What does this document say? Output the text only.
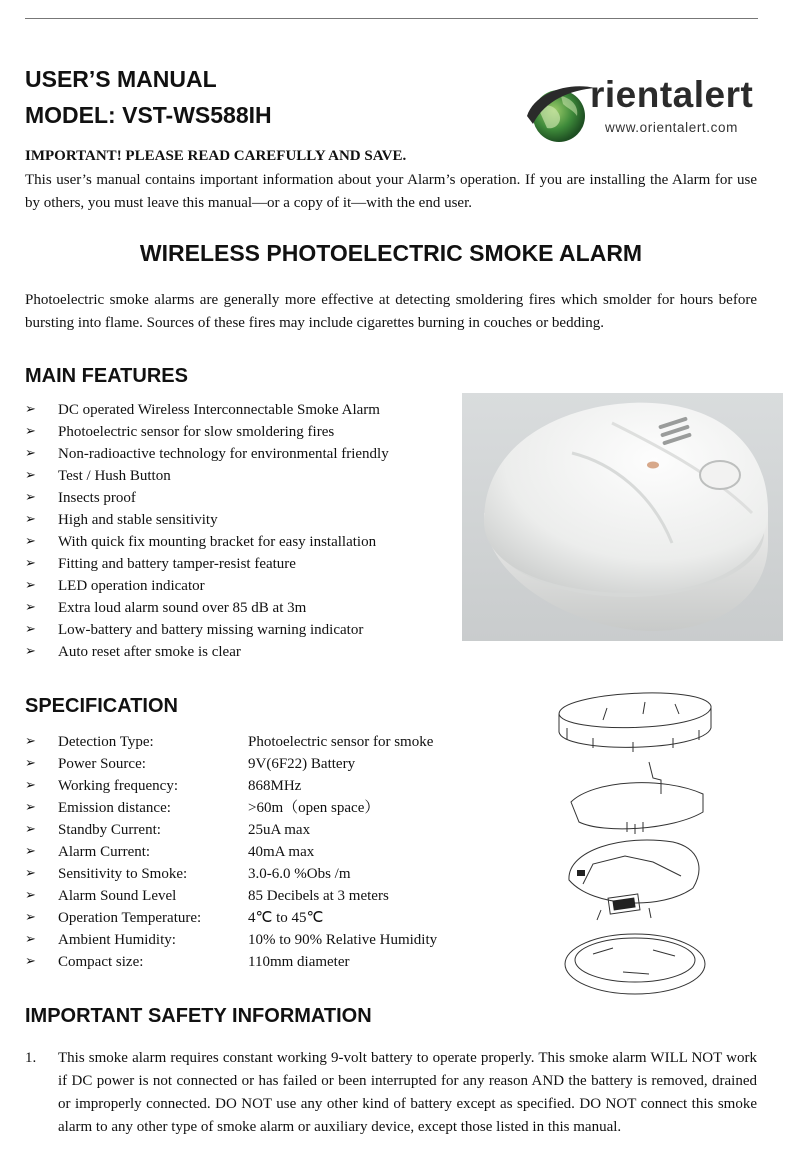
USER’S MANUAL
MODEL: VST-WS588IH	rientalert
www.orientalert.com
IMPORTANT! PLEASE READ CAREFULLY AND SAVE.
This user’s manual contains important information about your Alarm’s operation. If you are installing the Alarm for use by others, you must leave this manual—or a copy of it—with the end user.
WIRELESS PHOTOELECTRIC SMOKE ALARM
Photoelectric smoke alarms are generally more effective at detecting smoldering fires which smolder for hours before bursting into flame. Sources of these fires may include cigarettes burning in couches or bedding.
MAIN FEATURES
➢ DC operated Wireless Interconnectable Smoke Alarm
➢ Photoelectric sensor for slow smoldering fires
➢ Non-radioactive technology for environmental friendly
➢ Test / Hush Button
➢ Insects proof
➢ High and stable sensitivity
➢ With quick fix mounting bracket for easy installation
➢ Fitting and battery tamper-resist feature
➢ LED operation indicator
➢ Extra loud alarm sound over 85 dB at 3m
➢ Low-battery and battery missing warning indicator
➢ Auto reset after smoke is clear
SPECIFICATION
➢ Detection Type:	Photoelectric sensor for smoke
➢ Power Source:	9V(6F22) Battery
➢ Working frequency:	868MHz
➢ Emission distance:	>60m（open space）
➢ Standby Current:	25uA max
➢ Alarm Current:	40mA max
➢ Sensitivity to Smoke:	3.0-6.0 %Obs /m
➢ Alarm Sound Level	85 Decibels at 3 meters
➢ Operation Temperature:	4℃ to 45℃
➢ Ambient Humidity:	10% to 90% Relative Humidity
➢ Compact size:	110mm diameter
IMPORTANT SAFETY INFORMATION
1. This smoke alarm requires constant working 9-volt battery to operate properly. This smoke alarm WILL NOT work if DC power is not connected or has failed or been interrupted for any reason AND the battery is removed, drained or improperly connected. DO NOT use any other kind of battery except as specified. DO NOT connect this smoke alarm to any other type of smoke alarm or auxiliary device, except those listed in this manual.
